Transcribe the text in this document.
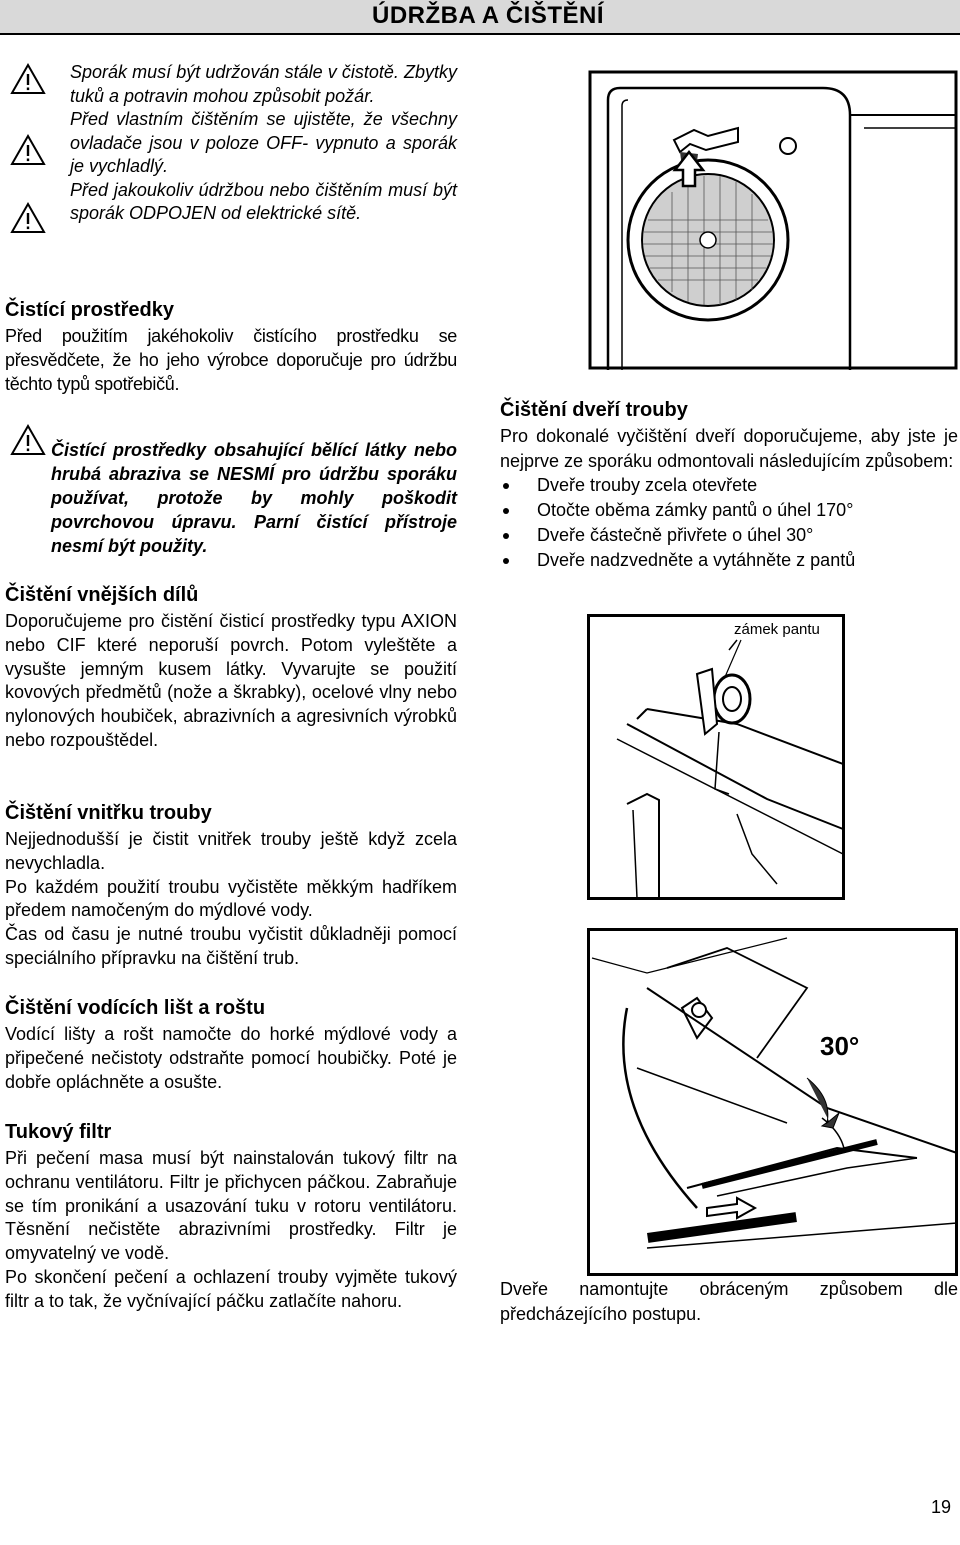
ÚDRŽBA A ČIŠTĚNÍ

Sporák musí být udržován stále v čistotě. Zbytky tuků a potravin mohou způsobit požár.

Před vlastním čištěním se ujistěte, že všechny ovladače jsou v poloze OFF- vypnuto a sporák je vychladlý.

Před jakoukoliv údržbou nebo čištěním musí být sporák ODPOJEN od elektrické sítě.

Čistící prostředky

Před použitím jakéhokoliv čistícího prostředku se přesvědčete, že ho jeho výrobce doporučuje pro údržbu těchto typů spotřebičů.

Čistící prostředky obsahující bělící látky nebo hrubá abraziva se NESMÍ pro údržbu sporáku používat, protože by mohly poškodit povrchovou úpravu. Parní čistící přístroje nesmí být použity.

Čištění vnějších dílů

Doporučujeme pro čistění čisticí prostředky typu AXION nebo CIF které neporuší povrch. Potom vyleštěte a vysušte jemným kusem látky. Vyvarujte se použití kovových předmětů (nože a škrabky), ocelové vlny nebo nylonových houbiček, abrazivních a agresivních výrobků nebo rozpouštědel.

Čištění vnitřku trouby

Nejjednodušší je čistit vnitřek trouby ještě když zcela nevychladla.

Po každém použití troubu vyčistěte měkkým hadříkem předem namočeným do mýdlové vody.

Čas od času je nutné troubu vyčistit důkladněji pomocí speciálního přípravku na čištění trub.

Čištění vodících lišt a roštu

Vodící lišty a rošt namočte do horké mýdlové vody a připečené nečistoty odstraňte pomocí houbičky. Poté je dobře opláchněte a osušte.

Tukový filtr

Při pečení masa musí být nainstalován tukový filtr na ochranu ventilátoru. Filtr je přichycen páčkou. Zabraňuje se tím pronikání a usazování tuku v rotoru ventilátoru. Těsnění nečistěte abrazivními prostředky. Filtr je omyvatelný ve vodě.

Po skončení pečení a ochlazení trouby vyjměte tukový filtr a to tak, že vyčnívající páčku zatlačíte nahoru.

Čištění dveří trouby

Pro dokonalé vyčištění dveří doporučujeme, aby jste je nejprve ze sporáku odmontovali následujícím způsobem:

Dveře trouby zcela otevřete
Otočte oběma zámky pantů o úhel 170°
Dveře částečně přivřete o úhel 30°
Dveře nadzvedněte a vytáhněte z pantů
zámek pantu
30°

Dveře namontujte obráceným způsobem dle předcházejícího postupu.

19
